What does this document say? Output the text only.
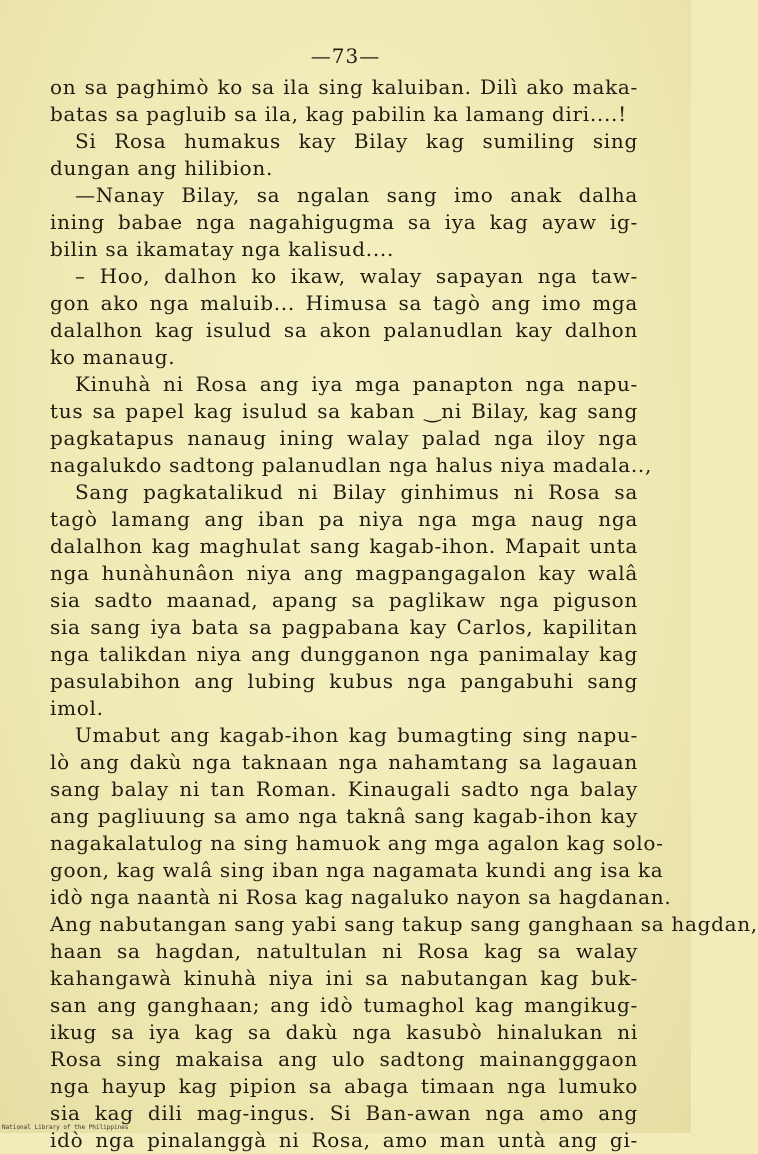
—73—
on sa paghimò ko sa ila sing kaluiban. Dilì ako maka-
batas sa pagluib sa ila, kag pabilin ka lamang diri....!
Si Rosa humakus kay Bilay kag sumiling sing
dungan ang hilibion.
—Nanay Bilay, sa ngalan sang imo anak dalha
ining babae nga nagahigugma sa iya kag ayaw ig-
bilin sa ikamatay nga kalisud....
– Hoo, dalhon ko ikaw, walay sapayan nga taw-
gon ako nga maluib... Himusa sa tagò ang imo mga
dalalhon kag isulud sa akon palanudlan kay dalhon
ko manaug.
Kinuhà ni Rosa ang iya mga panapton nga napu-
tus sa papel kag isulud sa kaban ‿ni Bilay, kag sang
pagkatapus nanaug ining walay palad nga iloy nga
nagalukdo sadtong palanudlan nga halus niya madala..,
Sang pagkatalikud ni Bilay ginhimus ni Rosa sa
tagò lamang ang iban pa niya nga mga naug nga
dalalhon kag maghulat sang kagab-ihon. Mapait unta
nga hunàhunâon niya ang magpangagalon kay walâ
sia sadto maanad, apang sa paglikaw nga piguson
sia sang iya bata sa pagpabana kay Carlos, kapilitan
nga talikdan niya ang dungganon nga panimalay kag
pasulabihon ang lubing kubus nga pangabuhi sang
imol.
Umabut ang kagab-ihon kag bumagting sing napu-
lò ang dakù nga taknaan nga nahamtang sa lagauan
sang balay ni tan Roman. Kinaugali sadto nga balay
ang pagliuung sa amo nga taknâ sang kagab-ihon kay
nagakalatulog na sing hamuok ang mga agalon kag solo-
goon, kag walâ sing iban nga nagamata kundi ang isa ka
idò nga naantà ni Rosa kag nagaluko nayon sa hagdanan.
Ang nabutangan sang yabi sang takup sang ganghaan sa hagdan,
haan sa hagdan, natultulan ni Rosa kag sa walay
kahangawà kinuhà niya ini sa nabutangan kag buk-
san ang ganghaan; ang idò tumaghol kag mangikug-
ikug sa iya kag sa dakù nga kasubò hinalukan ni
Rosa sing makaisa ang ulo sadtong mainangggaon
nga hayup kag pipion sa abaga timaan nga lumuko
sia kag dili mag-ingus. Si Ban-awan nga amo ang
idò nga pinalanggà ni Rosa, amo man untà ang gi-
National Library of the Philippines
